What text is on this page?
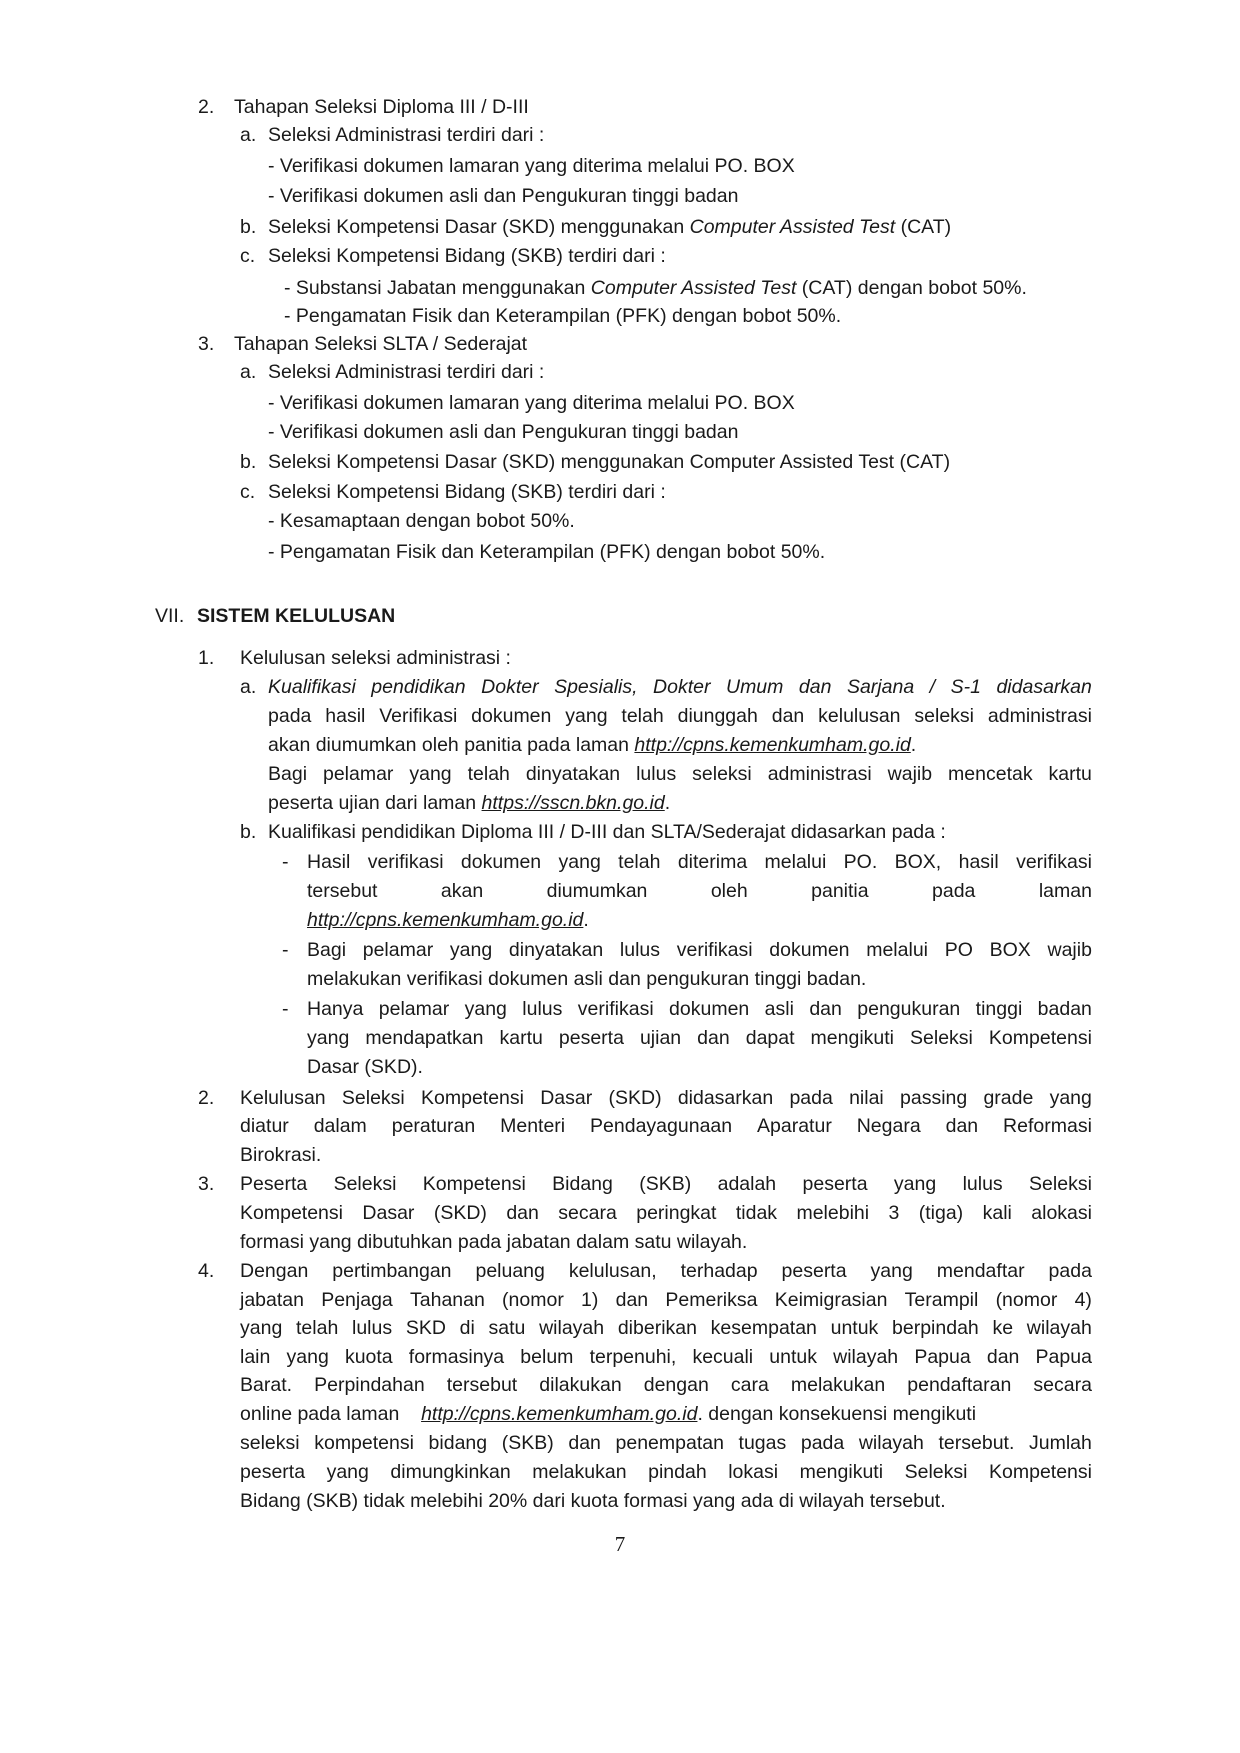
2. Tahapan Seleksi Diploma III / D-III
a. Seleksi Administrasi terdiri dari :
- Verifikasi dokumen lamaran yang diterima melalui PO. BOX
- Verifikasi dokumen asli dan Pengukuran tinggi badan
b. Seleksi Kompetensi Dasar (SKD) menggunakan Computer Assisted Test (CAT)
c. Seleksi Kompetensi Bidang (SKB) terdiri dari :
- Substansi Jabatan menggunakan Computer Assisted Test (CAT) dengan bobot 50%.
- Pengamatan Fisik dan Keterampilan (PFK) dengan bobot 50%.
3. Tahapan Seleksi SLTA / Sederajat
a. Seleksi Administrasi terdiri dari :
- Verifikasi dokumen lamaran yang diterima melalui PO. BOX
- Verifikasi dokumen asli dan Pengukuran tinggi badan
b. Seleksi Kompetensi Dasar (SKD) menggunakan Computer Assisted Test (CAT)
c. Seleksi Kompetensi Bidang (SKB) terdiri dari :
- Kesamaptaan dengan bobot 50%.
- Pengamatan Fisik dan Keterampilan (PFK) dengan bobot 50%.
VII. SISTEM KELULUSAN
1. Kelulusan seleksi administrasi :
a. Kualifikasi pendidikan Dokter Spesialis, Dokter Umum dan Sarjana / S-1 didasarkan
pada hasil Verifikasi dokumen yang telah diunggah dan kelulusan seleksi administrasi
akan diumumkan oleh panitia pada laman http://cpns.kemenkumham.go.id.
Bagi pelamar yang telah dinyatakan lulus seleksi administrasi wajib mencetak kartu
peserta ujian dari laman https://sscn.bkn.go.id.
b. Kualifikasi pendidikan Diploma III / D-III dan SLTA/Sederajat didasarkan pada :
- Hasil verifikasi dokumen yang telah diterima melalui PO. BOX, hasil verifikasi
tersebut	akan	diumumkan	oleh	panitia	pada	laman
http://cpns.kemenkumham.go.id.
- Bagi pelamar yang dinyatakan lulus verifikasi dokumen melalui PO BOX wajib
melakukan verifikasi dokumen asli dan pengukuran tinggi badan.
- Hanya pelamar yang lulus verifikasi dokumen asli dan pengukuran tinggi badan
yang mendapatkan kartu peserta ujian dan dapat mengikuti Seleksi Kompetensi
Dasar (SKD).
2. Kelulusan Seleksi Kompetensi Dasar (SKD) didasarkan pada nilai passing grade yang
diatur dalam peraturan Menteri Pendayagunaan Aparatur Negara dan Reformasi
Birokrasi.
3. Peserta Seleksi Kompetensi Bidang (SKB) adalah peserta yang lulus Seleksi
Kompetensi Dasar (SKD) dan secara peringkat tidak melebihi 3 (tiga) kali alokasi
formasi yang dibutuhkan pada jabatan dalam satu wilayah.
4. Dengan pertimbangan peluang kelulusan, terhadap peserta yang mendaftar pada
jabatan Penjaga Tahanan (nomor 1) dan Pemeriksa Keimigrasian Terampil (nomor 4)
yang telah lulus SKD di satu wilayah diberikan kesempatan untuk berpindah ke wilayah
lain yang kuota formasinya belum terpenuhi, kecuali untuk wilayah Papua dan Papua
Barat. Perpindahan tersebut dilakukan dengan cara melakukan pendaftaran secara
online pada laman    http://cpns.kemenkumham.go.id. dengan konsekuensi mengikuti
seleksi kompetensi bidang (SKB) dan penempatan tugas pada wilayah tersebut. Jumlah
peserta yang dimungkinkan melakukan pindah lokasi mengikuti Seleksi Kompetensi
Bidang (SKB) tidak melebihi 20% dari kuota formasi yang ada di wilayah tersebut.
7
